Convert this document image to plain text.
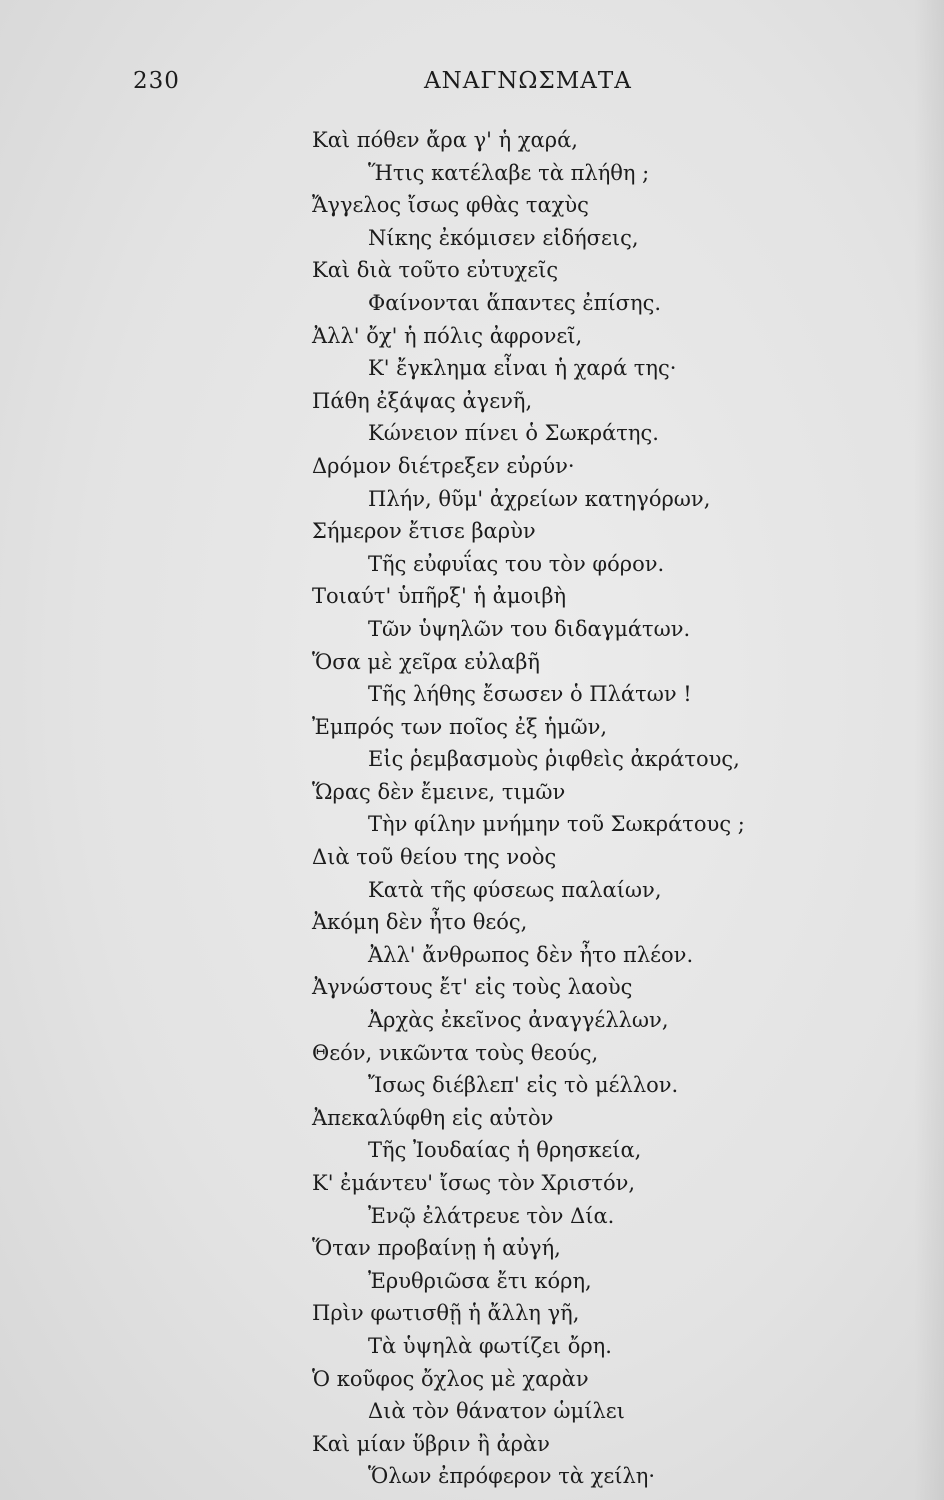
230	ΑΝΑΓΝΩΣΜΑΤΑ
Καὶ πόθεν ἄρα γ' ἡ χαρά,
Ἥτις κατέλαβε τὰ πλήθη ;
Ἄγγελος ἴσως φθὰς ταχὺς
Νίκης ἐκόμισεν εἰδήσεις,
Καὶ διὰ τοῦτο εὐτυχεῖς
Φαίνονται ἅπαντες ἐπίσης.
Ἀλλ' ὄχ' ἡ πόλις ἀφρονεῖ,
Κ' ἔγκλημα εἶναι ἡ χαρά της·
Πάθη ἐξάψας ἀγενῆ,
Κώνειον πίνει ὁ Σωκράτης.
Δρόμον διέτρεξεν εὐρύν·
Πλήν, θῦμ' ἀχρείων κατηγόρων,
Σήμερον ἔτισε βαρὺν
Τῆς εὐφυΐας του τὸν φόρον.
Τοιαύτ' ὑπῆρξ' ἡ ἀμοιβὴ
Τῶν ὑψηλῶν του διδαγμάτων.
Ὅσα μὲ χεῖρα εὐλαβῆ
Τῆς λήθης ἔσωσεν ὁ Πλάτων !
Ἐμπρός των ποῖος ἐξ ἡμῶν,
Εἰς ῥεμβασμοὺς ῥιφθεὶς ἀκράτους,
Ὥρας δὲν ἔμεινε, τιμῶν
Τὴν φίλην μνήμην τοῦ Σωκράτους ;
Διὰ τοῦ θείου της νοὸς
Κατὰ τῆς φύσεως παλαίων,
Ἀκόμη δὲν ἦτο θεός,
Ἀλλ' ἄνθρωπος δὲν ἦτο πλέον.
Ἀγνώστους ἔτ' εἰς τοὺς λαοὺς
Ἀρχὰς ἐκεῖνος ἀναγγέλλων,
Θεόν, νικῶντα τοὺς θεούς,
Ἴσως διέβλεπ' εἰς τὸ μέλλον.
Ἀπεκαλύφθη εἰς αὐτὸν
Τῆς Ἰουδαίας ἡ θρησκεία,
Κ' ἐμάντευ' ἴσως τὸν Χριστόν,
Ἐνῷ ἐλάτρευε τὸν Δία.
Ὅταν προβαίνῃ ἡ αὐγή,
Ἐρυθριῶσα ἔτι κόρη,
Πρὶν φωτισθῇ ἡ ἄλλη γῆ,
Τὰ ὑψηλὰ φωτίζει ὄρη.
Ὁ κοῦφος ὄχλος μὲ χαρὰν
Διὰ τὸν θάνατον ὡμίλει
Καὶ μίαν ὕβριν ἢ ἀρὰν
Ὅλων ἐπρόφερον τὰ χείλη·
